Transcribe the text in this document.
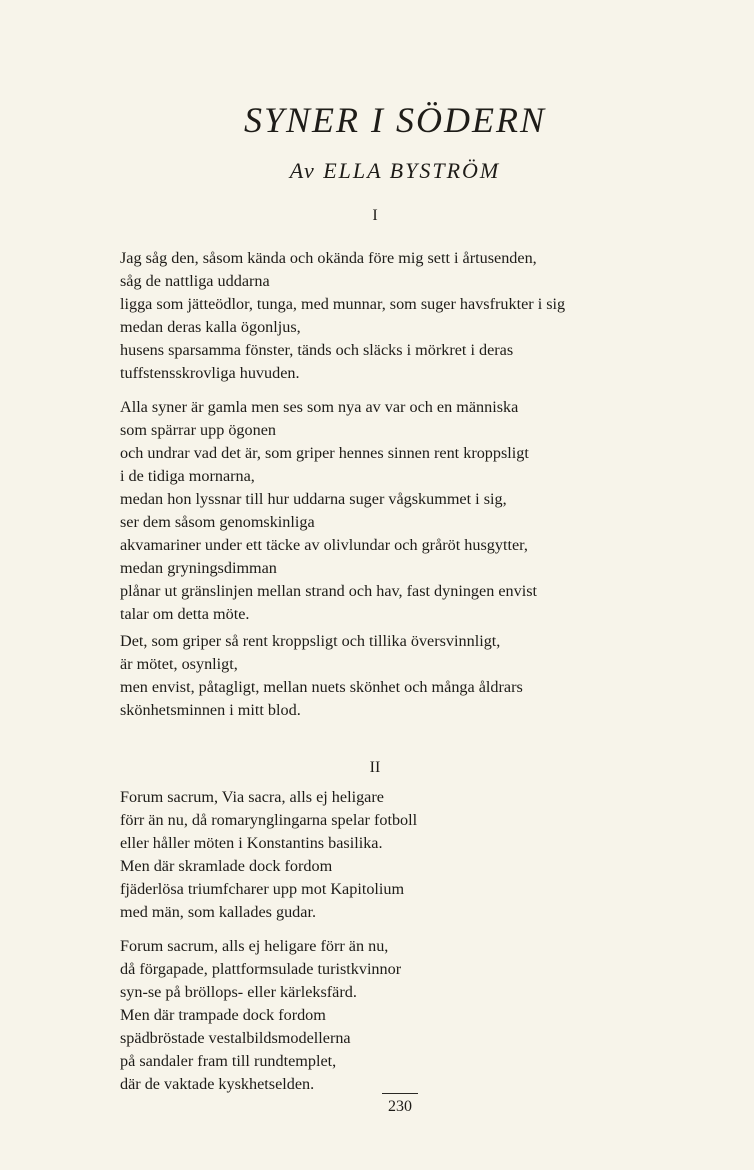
SYNER I SÖDERN
Av ELLA BYSTRÖM
I
Jag såg den, såsom kända och okända före mig sett i årtusenden,
såg de nattliga uddarna
ligga som jätteödlor, tunga, med munnar, som suger havsfrukter i sig
medan deras kalla ögonljus,
husens sparsamma fönster, tänds och släcks i mörkret i deras
tuffstensskrovliga huvuden.
Alla syner är gamla men ses som nya av var och en människa
som spärrar upp ögonen
och undrar vad det är, som griper hennes sinnen rent kroppsligt
i de tidiga mornarna,
medan hon lyssnar till hur uddarna suger vågskummet i sig,
ser dem såsom genomskinliga
akvamariner under ett täcke av olivlundar och gråröt husgytter,
medan gryningsdimman
plånar ut gränslinjen mellan strand och hav, fast dyningen envist
talar om detta möte.
Det, som griper så rent kroppsligt och tillika översvinnligt,
är mötet, osynligt,
men envist, påtagligt, mellan nuets skönhet och många åldrars
skönhetsminnen i mitt blod.
II
Forum sacrum, Via sacra, alls ej heligare
förr än nu, då romarynglingarna spelar fotboll
eller håller möten i Konstantins basilika.
Men där skramlade dock fordom
fjäderlösa triumfcharer upp mot Kapitolium
med män, som kallades gudar.
Forum sacrum, alls ej heligare förr än nu,
då förgapade, plattformsulade turistkvinnor
syn-se på bröllops- eller kärleksfärd.
Men där trampade dock fordom
spädbröstade vestalbildsmodellerna
på sandaler fram till rundtemplet,
där de vaktade kyskhetselden.
230
